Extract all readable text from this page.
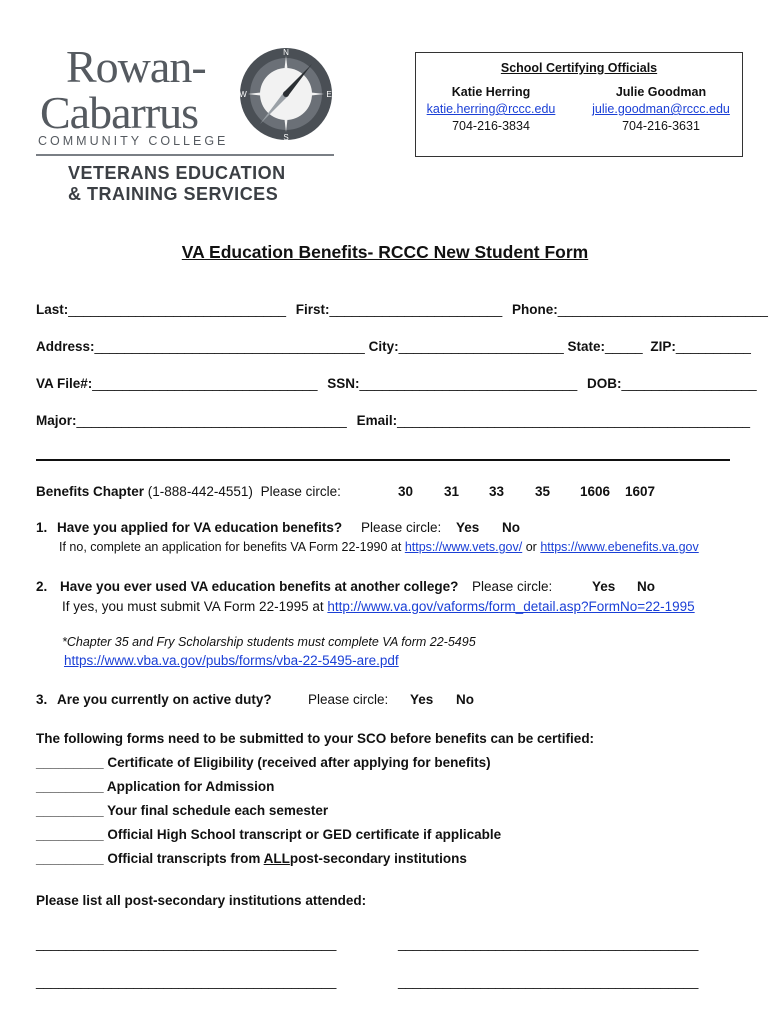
Rowan-
Cabarrus
COMMUNITY COLLEGE
VETERANS EDUCATION
& TRAINING SERVICES
N
E
S
W
School Certifying Officials
Katie Herring
katie.herring@rccc.edu
704-216-3834
Julie Goodman
julie.goodman@rccc.edu
704-216-3631
VA Education Benefits- RCCC New Student Form
Last:_____________________________ First:_______________________ Phone:____________________________
Address:____________________________________ City:______________________ State:_____ ZIP:__________
VA File#:______________________________ SSN:_____________________________ DOB:__________________
Major:____________________________________ Email:_______________________________________________
Benefits Chapter (1-888-442-4551) Please circle:	30 31 33 35 1606 1607
1. Have you applied for VA education benefits? Please circle: Yes No
If no, complete an application for benefits VA Form 22-1990 at https://www.vets.gov/ or https://www.ebenefits.va.gov
2. Have you ever used VA education benefits at another college? Please circle:	Yes No
If yes, you must submit VA Form 22-1995 at http://www.va.gov/vaforms/form_detail.asp?FormNo=22-1995
*Chapter 35 and Fry Scholarship students must complete VA form 22-5495
https://www.vba.va.gov/pubs/forms/vba-22-5495-are.pdf
3. Are you currently on active duty?	Please circle: Yes No
The following forms need to be submitted to your SCO before benefits can be certified:
_________ Certificate of Eligibility (received after applying for benefits)
_________ Application for Admission
_________ Your final schedule each semester
_________ Official High School transcript or GED certificate if applicable
_________ Official transcripts from ALLpost-secondary institutions
Please list all post-secondary institutions attended:
________________________________________	________________________________________
________________________________________	________________________________________
